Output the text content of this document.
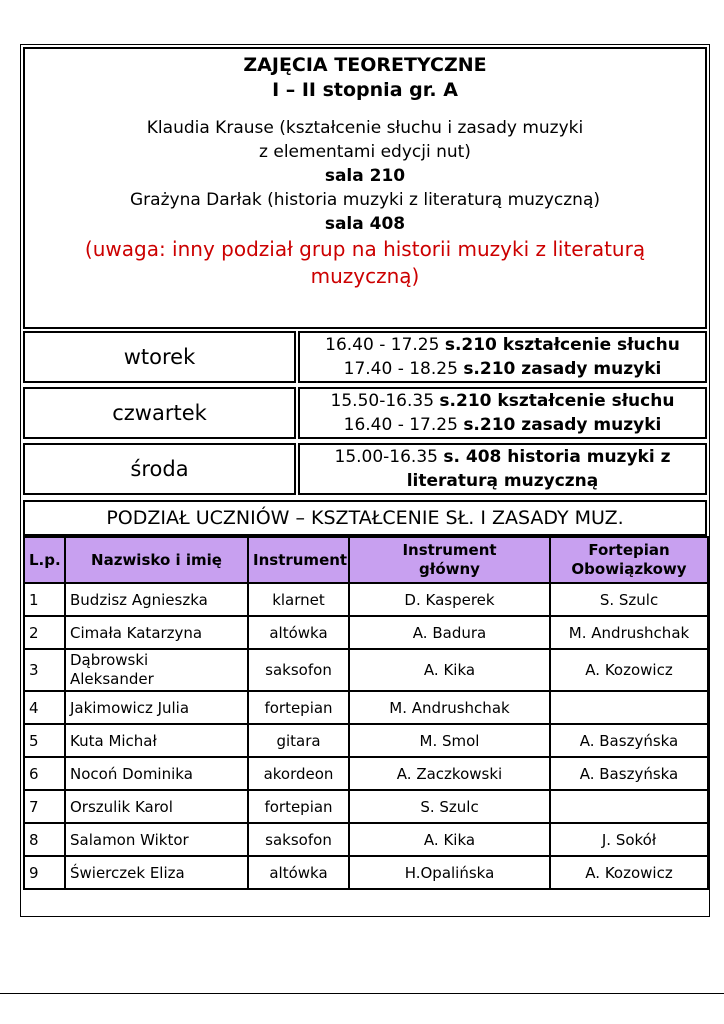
ZAJĘCIA TEORETYCZNE
I – II stopnia gr. A
Klaudia Krause (kształcenie słuchu i zasady muzyki
z elementami edycji nut)
sala 210
Grażyna Darłak (historia muzyki z literaturą muzyczną)
sala 408
(uwaga: inny podział grup na historii muzyki z literaturą
muzyczną)
wtorek	16.40 - 17.25 s.210 kształcenie słuchu
17.40 - 18.25 s.210 zasady muzyki
czwartek	15.50-16.35 s.210 kształcenie słuchu
16.40 - 17.25 s.210 zasady muzyki
środa	15.00-16.35 s. 408 historia muzyki z
literaturą muzyczną
PODZIAŁ UCZNIÓW – KSZTAŁCENIE SŁ. I ZASADY MUZ.
L.p.	Nazwisko i imię	Instrument	Instrument
główny	Fortepian
Obowiązkowy
1	Budzisz Agnieszka	klarnet	D. Kasperek	S. Szulc
2	Cimała Katarzyna	altówka	A. Badura	M. Andrushchak
3	Dąbrowski
Aleksander	saksofon	A. Kika	A. Kozowicz
4	Jakimowicz Julia	fortepian	M. Andrushchak	
5	Kuta Michał	gitara	M. Smol	A. Baszyńska
6	Nocoń Dominika	akordeon	A. Zaczkowski	A. Baszyńska
7	Orszulik Karol	fortepian	S. Szulc	
8	Salamon Wiktor	saksofon	A. Kika	J. Sokół
9	Świerczek Eliza	altówka	H.Opalińska	A. Kozowicz
